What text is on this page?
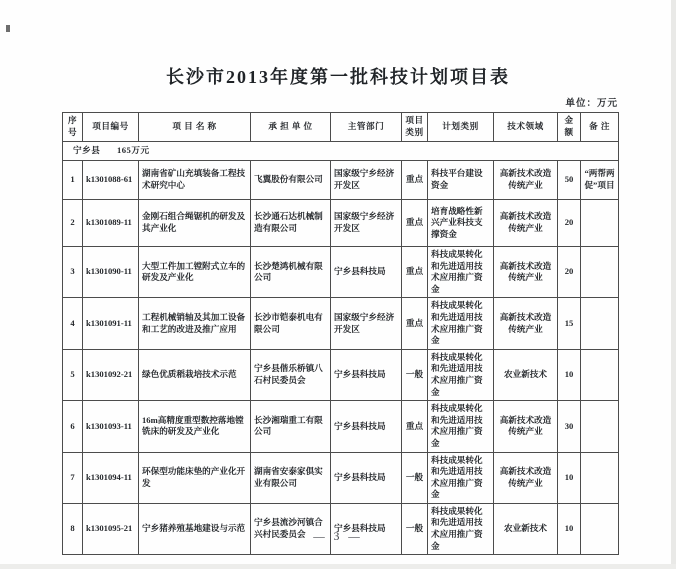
长沙市2013年度第一批科技计划项目表
单位：万元
序号	项目编号	项 目 名 称	承 担 单 位	主管部门	项目类别	计划类别	技术领域	金额	备 注
宁乡县 165万元									
1	k1301088-61	湖南省矿山充填装备工程技术研究中心	飞翼股份有限公司	国家级宁乡经济开发区	重点	科技平台建设资金	高新技术改造传统产业	50	“两帮两促”项目
2	k1301089-11	金刚石组合绳锯机的研发及其产业化	长沙通石达机械制造有限公司	国家级宁乡经济开发区	重点	培育战略性新兴产业科技支撑资金	高新技术改造传统产业	20	
3	k1301090-11	大型工件加工镗附式立车的研发及产业化	长沙楚鸿机械有限公司	宁乡县科技局	重点	科技成果转化和先进适用技术应用推广资金	高新技术改造传统产业	20	
4	k1301091-11	工程机械销轴及其加工设备和工艺的改进及推广应用	长沙市铠泰机电有限公司	国家级宁乡经济开发区	重点	科技成果转化和先进适用技术应用推广资金	高新技术改造传统产业	15	
5	k1301092-21	绿色优质稻栽培技术示范	宁乡县偕乐桥镇八石村民委员会	宁乡县科技局	一般	科技成果转化和先进适用技术应用推广资金	农业新技术	10	
6	k1301093-11	16m高精度重型数控落地镗铣床的研发及产业化	长沙湘瑞重工有限公司	宁乡县科技局	重点	科技成果转化和先进适用技术应用推广资金	高新技术改造传统产业	30	
7	k1301094-11	环保型功能床垫的产业化开发	湖南省安泰家俱实业有限公司	宁乡县科技局	一般	科技成果转化和先进适用技术应用推广资金	高新技术改造传统产业	10	
8	k1301095-21	宁乡猪养殖基地建设与示范	宁乡县流沙河镇合兴村民委员会	宁乡县科技局	一般	科技成果转化和先进适用技术应用推广资金	农业新技术	10	
— 3 —
